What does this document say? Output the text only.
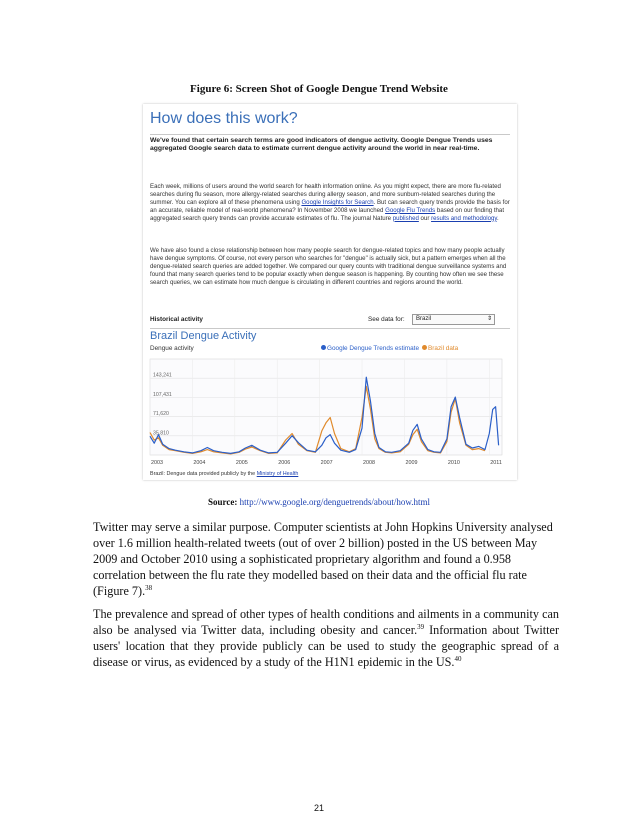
Figure 6: Screen Shot of Google Dengue Trend Website
How does this work?
We've found that certain search terms are good indicators of dengue activity. Google Dengue Trends uses aggregated Google search data to estimate current dengue activity around the world in near real-time.
Each week, millions of users around the world search for health information online. As you might expect, there are more flu-related searches during flu season, more allergy-related searches during allergy season, and more sunburn-related searches during the summer. You can explore all of these phenomena using Google Insights for Search. But can search query trends provide the basis for an accurate, reliable model of real-world phenomena? In November 2008 we launched Google Flu Trends based on our finding that aggregated search query trends can provide accurate estimates of flu. The journal Nature published our results and methodology.
We have also found a close relationship between how many people search for dengue-related topics and how many people actually have dengue symptoms. Of course, not every person who searches for "dengue" is actually sick, but a pattern emerges when all the dengue-related search queries are added together. We compared our query counts with traditional dengue surveillance systems and found that many search queries tend to be popular exactly when dengue season is happening. By counting how often we see these search queries, we can estimate how much dengue is circulating in different countries and regions around the world.
Historical activity	See data for:	Brazil	⇕
Brazil Dengue Activity
Dengue activity	Google Dengue Trends estimate Brazil data
143,241
107,431
71,620
35,810
2003	2004	2005	2006	2007	2008	2009	2010	2011
Brazil: Dengue data provided publicly by the Ministry of Health
Source: http://www.google.org/denguetrends/about/how.html

Twitter may serve a similar purpose. Computer scientists at John Hopkins University analysed over 1.6 million health-related tweets (out of over 2 billion) posted in the US between May 2009 and October 2010 using a sophisticated proprietary algorithm and found a 0.958 correlation between the flu rate they modelled based on their data and the official flu rate (Figure 7).$^{38}$

The prevalence and spread of other types of health conditions and ailments in a community can also be analysed via Twitter data, including obesity and cancer.$^{39}$ Information about Twitter users' location that they provide publicly can be used to study the geographic spread of a disease or virus, as evidenced by a study of the H1N1 epidemic in the US.$^{40}$

21
